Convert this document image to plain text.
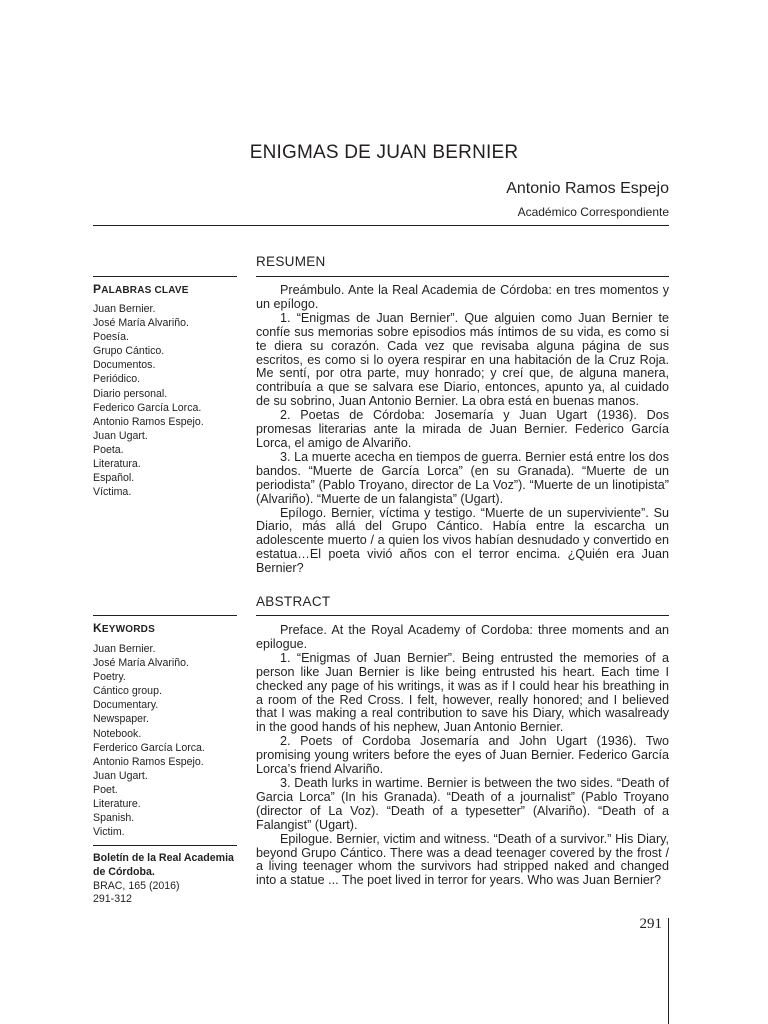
ENIGMAS DE JUAN BERNIER
Antonio Ramos Espejo
Académico Correspondiente
RESUMEN

Preámbulo. Ante la Real Academia de Córdoba: en tres momentos y un epílogo.

1. “Enigmas de Juan Bernier”. Que alguien como Juan Bernier te confíe sus memorias sobre episodios más íntimos de su vida, es como si te diera su corazón. Cada vez que revisaba alguna página de sus escritos, es como si lo oyera respirar en una habitación de la Cruz Roja. Me sentí, por otra parte, muy honrado; y creí que, de alguna manera, contribuía a que se salvara ese Diario, entonces, apunto ya, al cuidado de su sobrino, Juan Antonio Bernier. La obra está en buenas manos.

2. Poetas de Córdoba: Josemaría y Juan Ugart (1936). Dos promesas literarias ante la mirada de Juan Bernier. Federico García Lorca, el amigo de Alvariño.

3. La muerte acecha en tiempos de guerra. Bernier está entre los dos bandos. “Muerte de García Lorca” (en su Granada). “Muerte de un periodista” (Pablo Troyano, director de La Voz”). “Muerte de un linotipista” (Alvariño). “Muerte de un falangista” (Ugart).

Epílogo. Bernier, víctima y testigo. “Muerte de un superviviente”. Su Diario, más allá del Grupo Cántico. Había entre la escarcha un adolescente muerto / a quien los vivos habían desnudado y convertido en estatua…El poeta vivió años con el terror encima. ¿Quién era Juan Bernier?

ABSTRACT

Preface. At the Royal Academy of Cordoba: three moments and an epilogue.

1. “Enigmas of Juan Bernier”. Being entrusted the memories of a person like Juan Bernier is like being entrusted his heart. Each time I checked any page of his writings, it was as if I could hear his breathing in a room of the Red Cross. I felt, however, really honored; and I believed that I was making a real contribution to save his Diary, which wasalready in the good hands of his nephew, Juan Antonio Bernier.

2. Poets of Cordoba Josemaría and John Ugart (1936). Two promising young writers before the eyes of Juan Bernier. Federico García Lorca’s friend Alvariño.

3. Death lurks in wartime. Bernier is between the two sides. “Death of Garcia Lorca” (In his Granada). “Death of a journalist” (Pablo Troyano (director of La Voz). “Death of a typesetter” (Alvariño). “Death of a Falangist” (Ugart).

Epilogue. Bernier, victim and witness. “Death of a survivor.” His Diary, beyond Grupo Cántico. There was a dead teenager covered by the frost / a living teenager whom the survivors had stripped naked and changed into a statue ... The poet lived in terror for years. Who was Juan Bernier?

PALABRAS CLAVE
Juan Bernier.
José María Alvariño.
Poesía.
Grupo Cántico.
Documentos.
Periódico.
Diario personal.
Federico García Lorca.
Antonio Ramos Espejo.
Juan Ugart.
Poeta.
Literatura.
Español.
Víctima.
KEYWORDS
Juan Bernier.
José María Alvariño.
Poetry.
Cántico group.
Documentary.
Newspaper.
Notebook.
Ferderico García Lorca.
Antonio Ramos Espejo.
Juan Ugart.
Poet.
Literature.
Spanish.
Victim.
Boletín de la Real Academia
de Córdoba.
BRAC, 165 (2016)
291-312
291
